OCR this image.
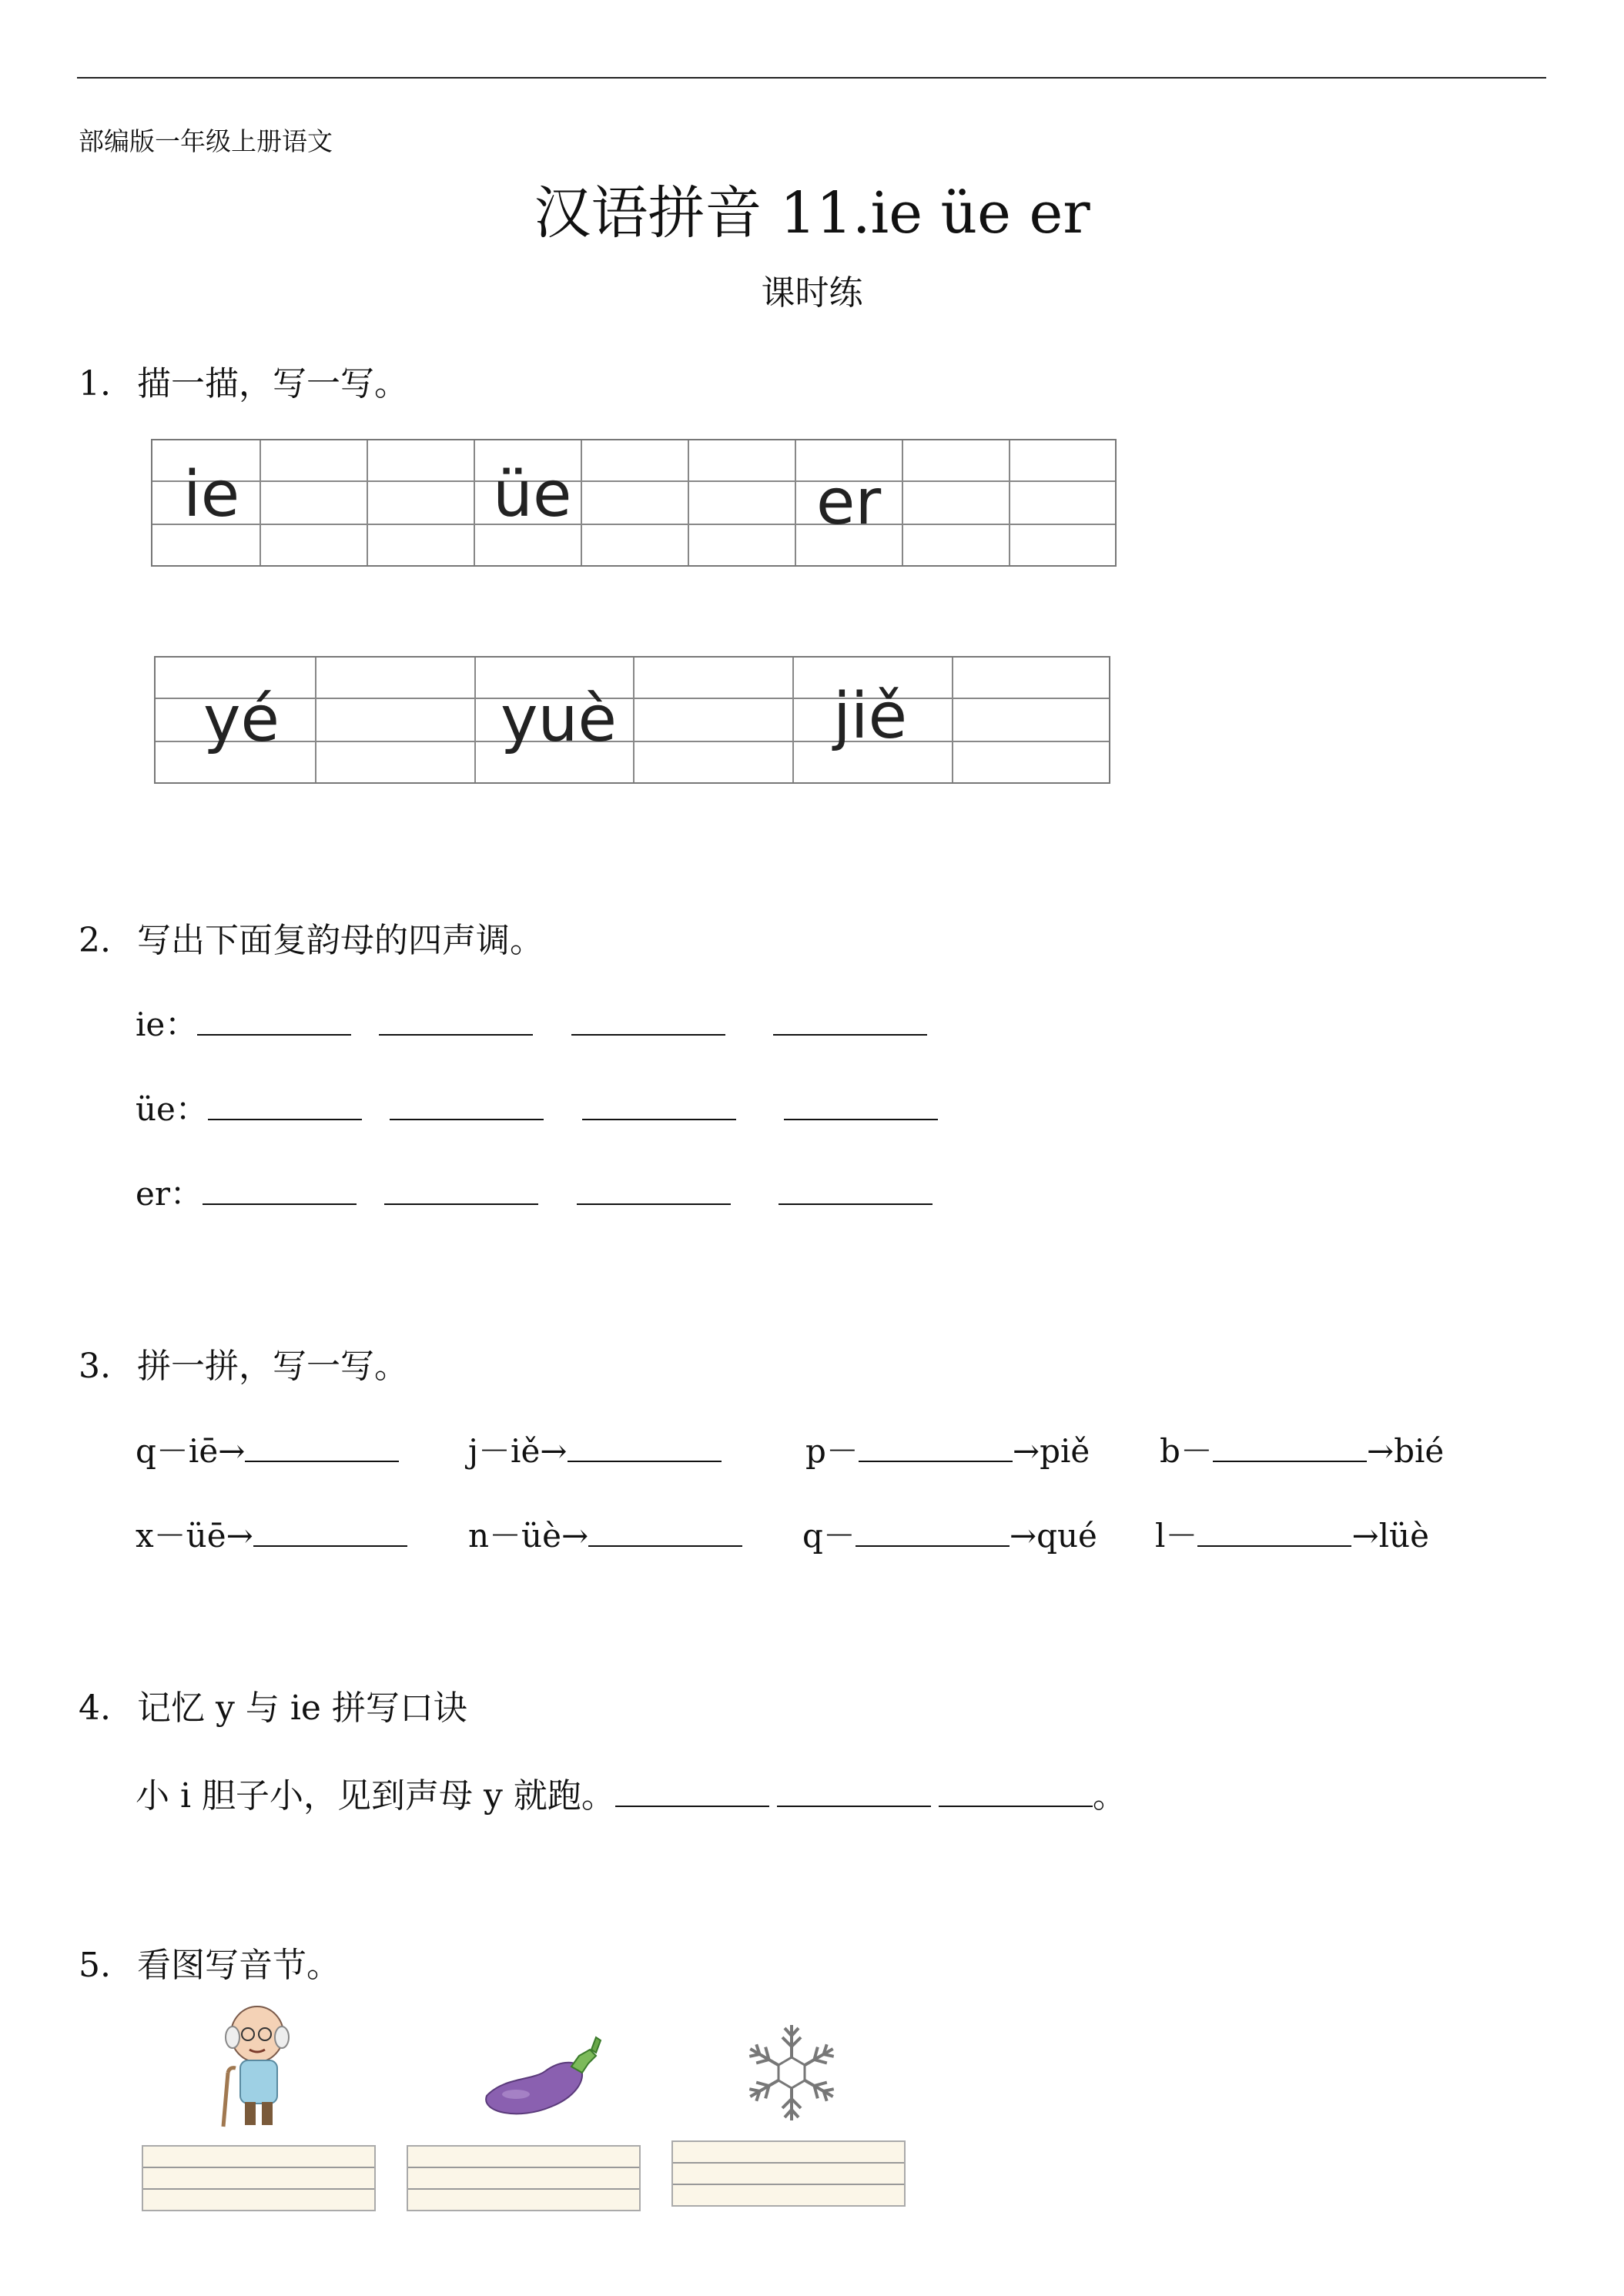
部编版一年级上册语文
汉语拼音 11.ie üe er
课时练
1. 描一描，写一写。
ie	üe	er
yé	yuè	jiě
2. 写出下面复韵母的四声调。
ie：
üe：
er：
3. 拼一拼，写一写。
q－iē→	j－iě→	p－	→piě b－	→bié
x－üē→	n－üè→	q－	→qué l－	→lüè
4. 记忆 y 与 ie 拼写口诀
小 i 胆子小，见到声母 y 就跑。	。
5. 看图写音节。
